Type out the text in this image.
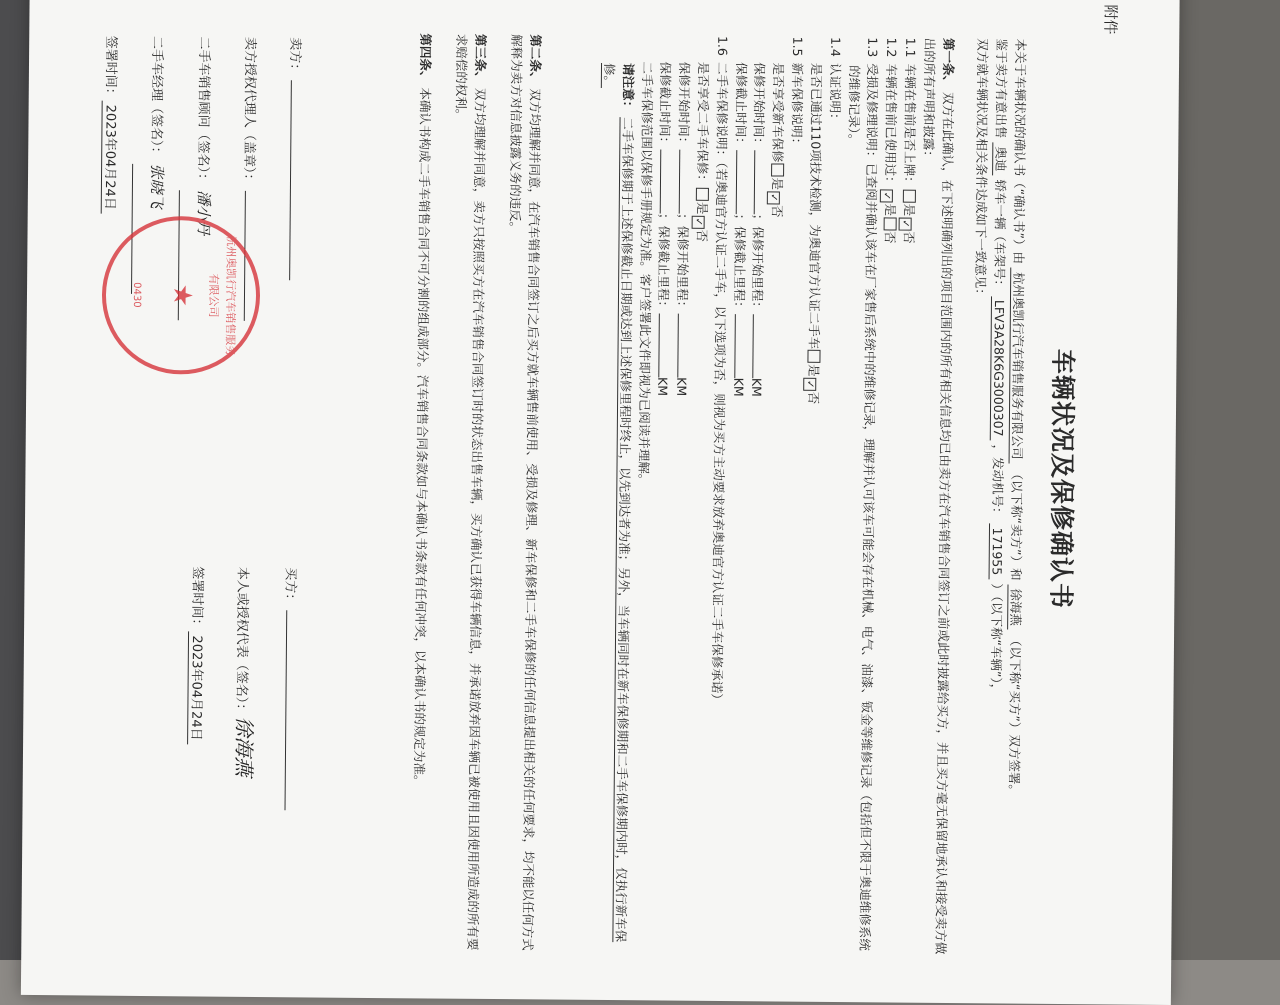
附件
车辆状况及保修确认书
本关于车辆状况的确认书（“确认书”）由 杭州奥凯行汽车销售服务有限公司 （以下称“卖方”）和 徐海燕 （以下称“买方”）双方签署。
鉴于卖方有意出售 奥迪 轿车一辆（车架号： LFV3A28K6G3000307 ，发动机号： 171955 ）（以下称“车辆”），
双方就车辆状况及相关条件达成如下一致意见：
第一条、 双方在此确认，在下述明确列出的项目范围内的所有相关信息均已由卖方在汽车销售合同签订之前或此时披露给买方，并且买方毫无保留地承认和接受卖方做出的所有声明和披露：
1.1车辆在售前是否上牌：是✓否
1.2车辆在售前已使用过：✓是否
1.3受损及修理说明：已查阅并确认该车在厂家售后系统中的维修记录，理解并认可该车可能会存在机械、电气、油漆、钣金等维修记录（包括但不限于奥迪维修系统的维修记录）。
1.4认证说明：
是否已通过110项技术检测，为奥迪官方认证二手车是✓否
1.5新车保修说明：
是否享受新车保修是✓否
保修开始时间：；保修开始里程：KM
保修截止时间：；保修截止里程：KM
1.6二手车保修说明：（若奥迪官方认证二手车，以下选项为否，则视为买方主动要求放弃奥迪官方认证二手车保修承诺）
是否享受二手车保修：是✓否
保修开始时间：；保修开始里程：KM
保修截止时间：；保修截止里程：KM
二手车保修范围以保修手册规定为准。客户签署此文件即视为已阅读并理解。
请注意： 二手车保修期于上述保修截止日期或达到上述保修里程时终止，以先到达者为准；另外，当车辆同时在新车保修期和二手车保修期内时，仅执行新车保修。
第二条、 双方均理解并同意，在汽车销售合同签订之后买方就车辆售前使用、受损及修理、新车保修和二手车保修的任何信息提出相关的任何要求，均不能以任何方式解释为卖方对信息披露义务的违反。
第三条、 双方均理解并同意，卖方只按照买方在汽车销售合同签订时的状态出售车辆，买方确认已获得车辆信息，并承诺放弃因车辆已被使用且因使用所造成的所有要求赔偿的权利。
第四条、 本确认书构成二手车销售合同不可分割的组成部分。汽车销售合同条款如与本确认书条款有任何冲突，以本确认书的规定为准。
卖方：
卖方授权代理人（盖章）：
二手车销售顾问（签名）：潘小丹
二手车经理（签名）：张晓飞
签署时间：2023年04月24日
杭州奥凯行汽车销售服务有限公司
★
0430
买方：
本人或授权代表（签名）：徐海燕
签署时间：2023年04月24日
